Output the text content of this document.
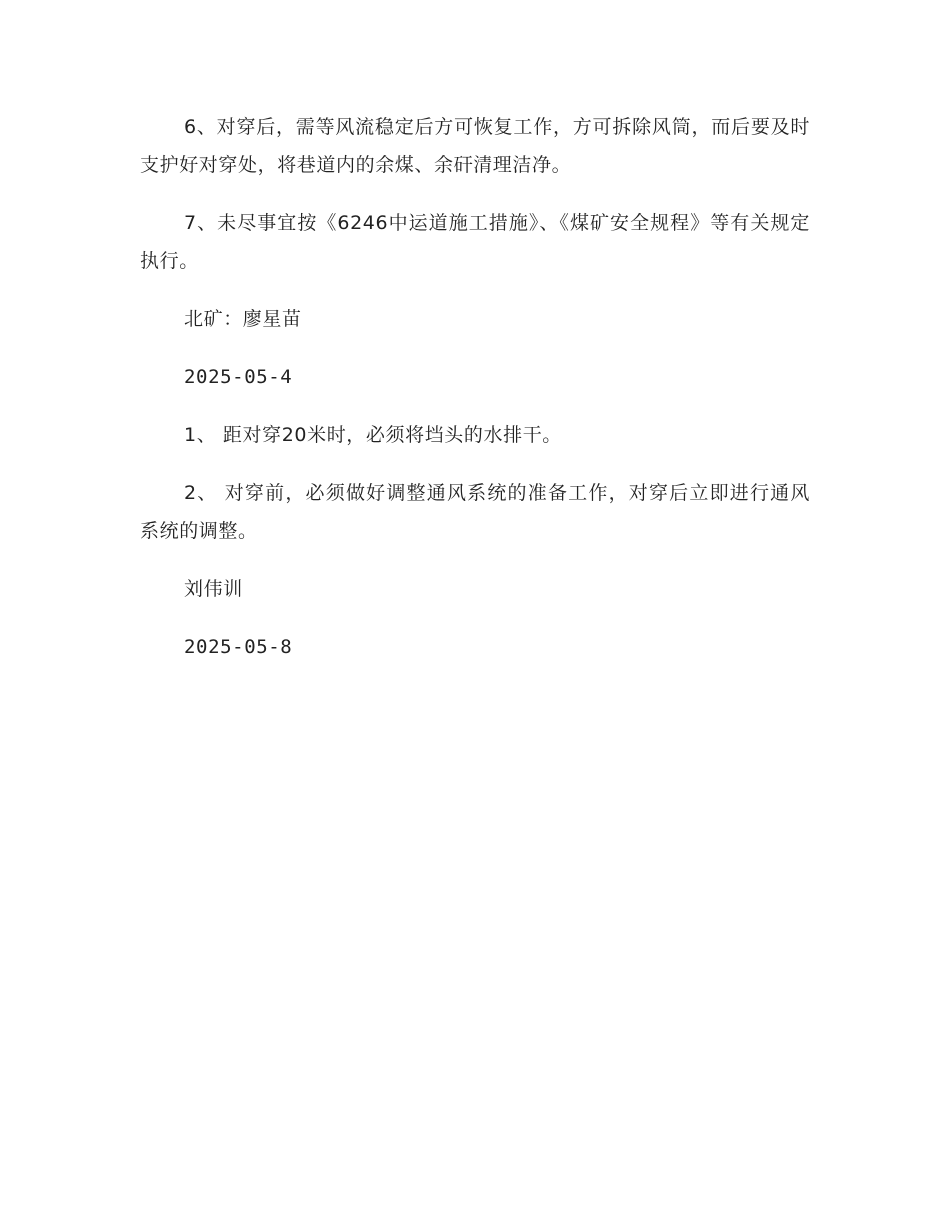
6、对穿后，需等风流稳定后方可恢复工作，方可拆除风筒，而后要及时支护好对穿处，将巷道内的余煤、余矸清理洁净。

7、未尽事宜按《6246中运道施工措施》、《煤矿安全规程》等有关规定执行。

北矿：廖星苗

2025-05-4

1、 距对穿20米时，必须将垱头的水排干。

2、 对穿前，必须做好调整通风系统的准备工作，对穿后立即进行通风系统的调整。

刘伟训

2025-05-8
